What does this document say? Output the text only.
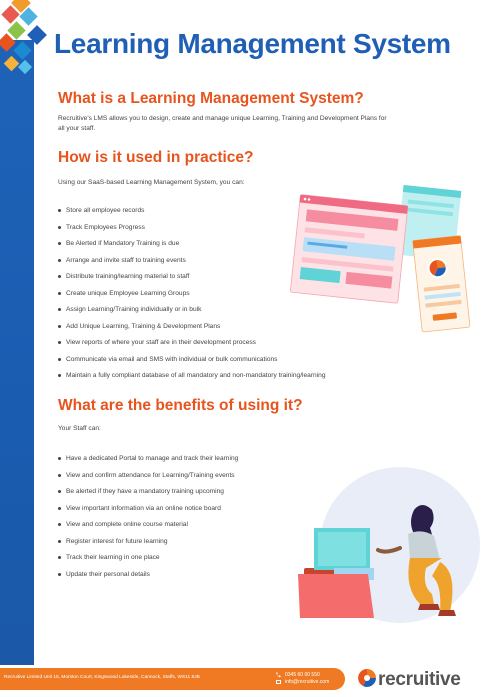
Learning Management System
What is a Learning Management System?

Recruitive's LMS allows you to design, create and manage unique Learning, Training and Development Plans for

all your staff.

How is it used in practice?

Using our SaaS-based Learning Management System, you can:

Store all employee records
Track Employees Progress
Be Alerted if Mandatory Training is due
Arrange and invite staff to training events
Distribute training/learning material to staff
Create unique Employee Learning Groups
Assign Learning/Training individually or in bulk
Add Unique Learning, Training & Development Plans
View reports of where your staff are in their development process
Communicate via email and SMS with individual or bulk communications
Maintain a fully compliant database of all mandatory and non-mandatory training/learning
What are the benefits of using it?

Your Staff can:

Have a dedicated Portal to manage and track their learning
View and confirm attendance for Learning/Training events
Be alerted if they have a mandatory training upcoming
View important information via an online notice board
View and complete online course material
Register interest for future learning
Track their learning in one place
Update their personal details
Recruitive Limited Unit 15, Morston Court, Kingswood Lakeside, Cannock, Staffs, WS11 8JB	0345 60 00 550
info@recruitive.com	recruitive
